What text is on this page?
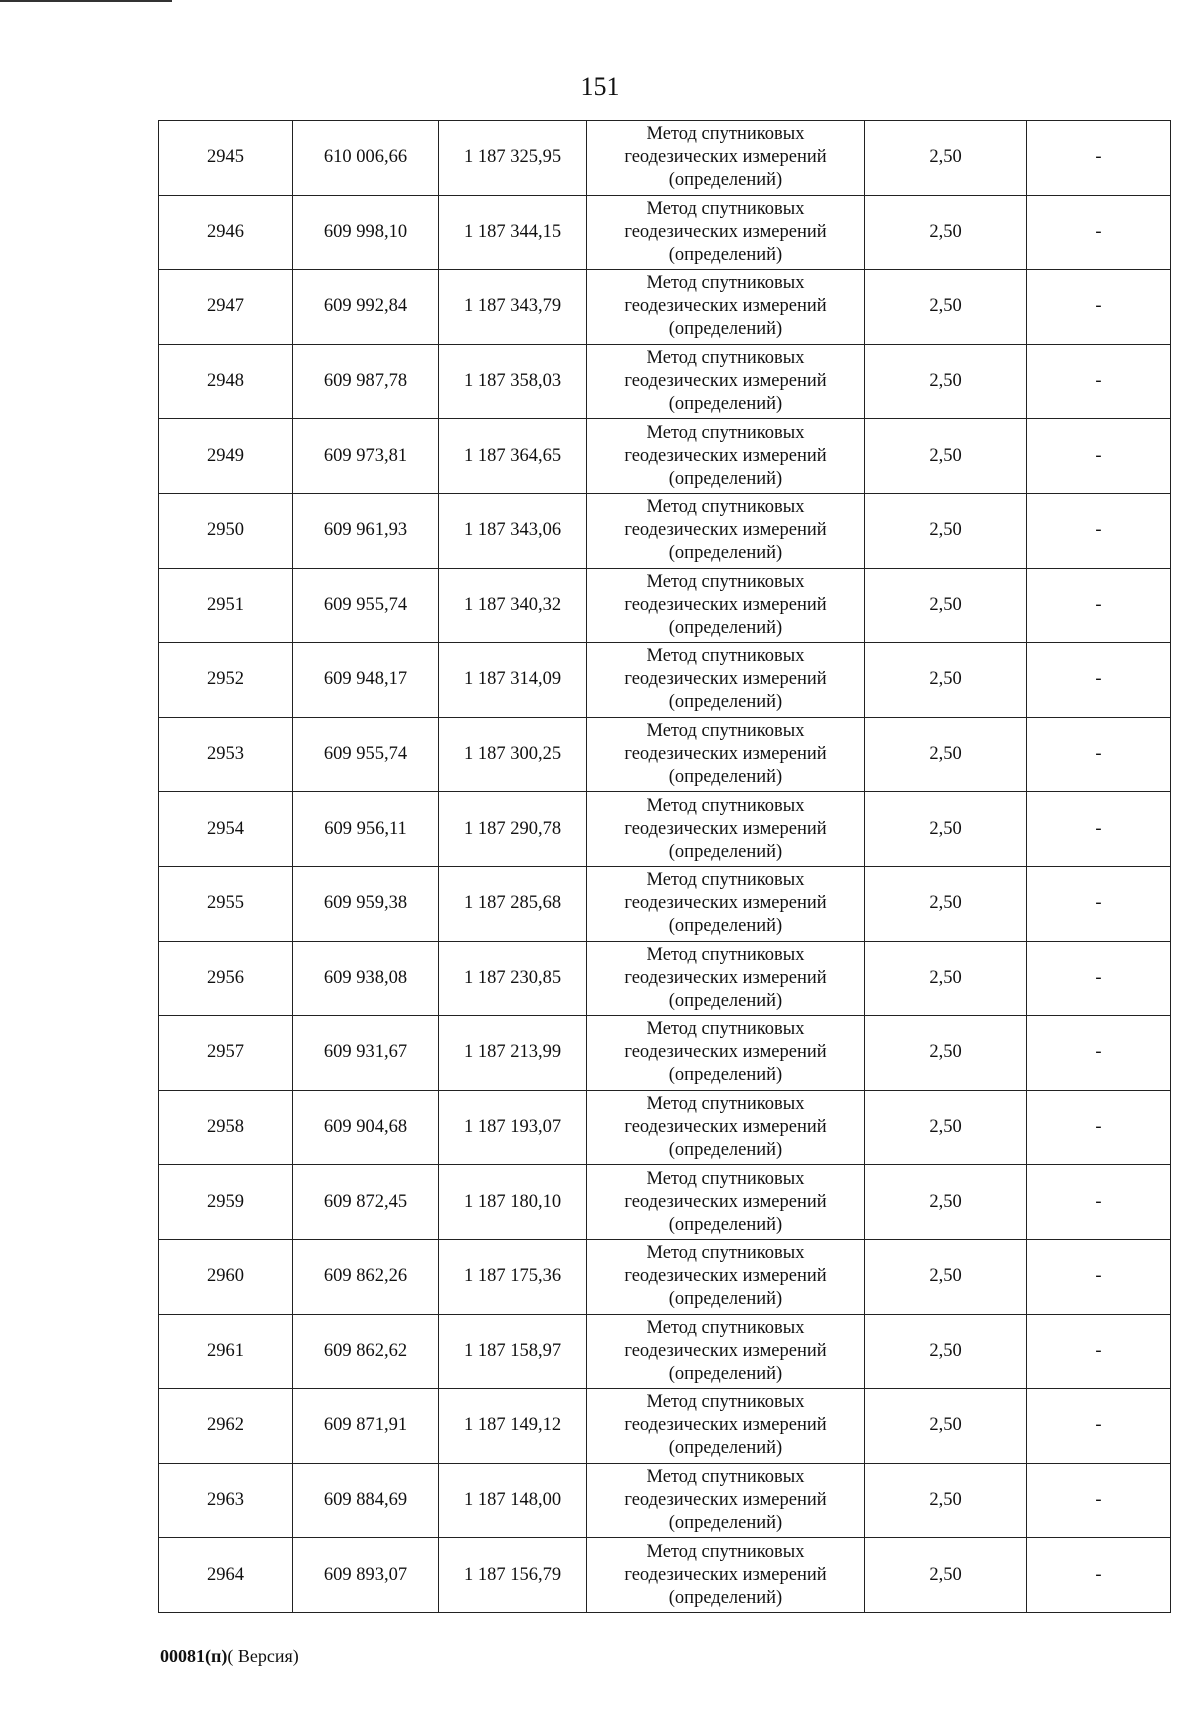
151
2945	610 006,66	1 187 325,95	Метод спутниковых
геодезических измерений
(определений)	2,50	-
2946	609 998,10	1 187 344,15	Метод спутниковых
геодезических измерений
(определений)	2,50	-
2947	609 992,84	1 187 343,79	Метод спутниковых
геодезических измерений
(определений)	2,50	-
2948	609 987,78	1 187 358,03	Метод спутниковых
геодезических измерений
(определений)	2,50	-
2949	609 973,81	1 187 364,65	Метод спутниковых
геодезических измерений
(определений)	2,50	-
2950	609 961,93	1 187 343,06	Метод спутниковых
геодезических измерений
(определений)	2,50	-
2951	609 955,74	1 187 340,32	Метод спутниковых
геодезических измерений
(определений)	2,50	-
2952	609 948,17	1 187 314,09	Метод спутниковых
геодезических измерений
(определений)	2,50	-
2953	609 955,74	1 187 300,25	Метод спутниковых
геодезических измерений
(определений)	2,50	-
2954	609 956,11	1 187 290,78	Метод спутниковых
геодезических измерений
(определений)	2,50	-
2955	609 959,38	1 187 285,68	Метод спутниковых
геодезических измерений
(определений)	2,50	-
2956	609 938,08	1 187 230,85	Метод спутниковых
геодезических измерений
(определений)	2,50	-
2957	609 931,67	1 187 213,99	Метод спутниковых
геодезических измерений
(определений)	2,50	-
2958	609 904,68	1 187 193,07	Метод спутниковых
геодезических измерений
(определений)	2,50	-
2959	609 872,45	1 187 180,10	Метод спутниковых
геодезических измерений
(определений)	2,50	-
2960	609 862,26	1 187 175,36	Метод спутниковых
геодезических измерений
(определений)	2,50	-
2961	609 862,62	1 187 158,97	Метод спутниковых
геодезических измерений
(определений)	2,50	-
2962	609 871,91	1 187 149,12	Метод спутниковых
геодезических измерений
(определений)	2,50	-
2963	609 884,69	1 187 148,00	Метод спутниковых
геодезических измерений
(определений)	2,50	-
2964	609 893,07	1 187 156,79	Метод спутниковых
геодезических измерений
(определений)	2,50	-
00081(п)( Версия)
